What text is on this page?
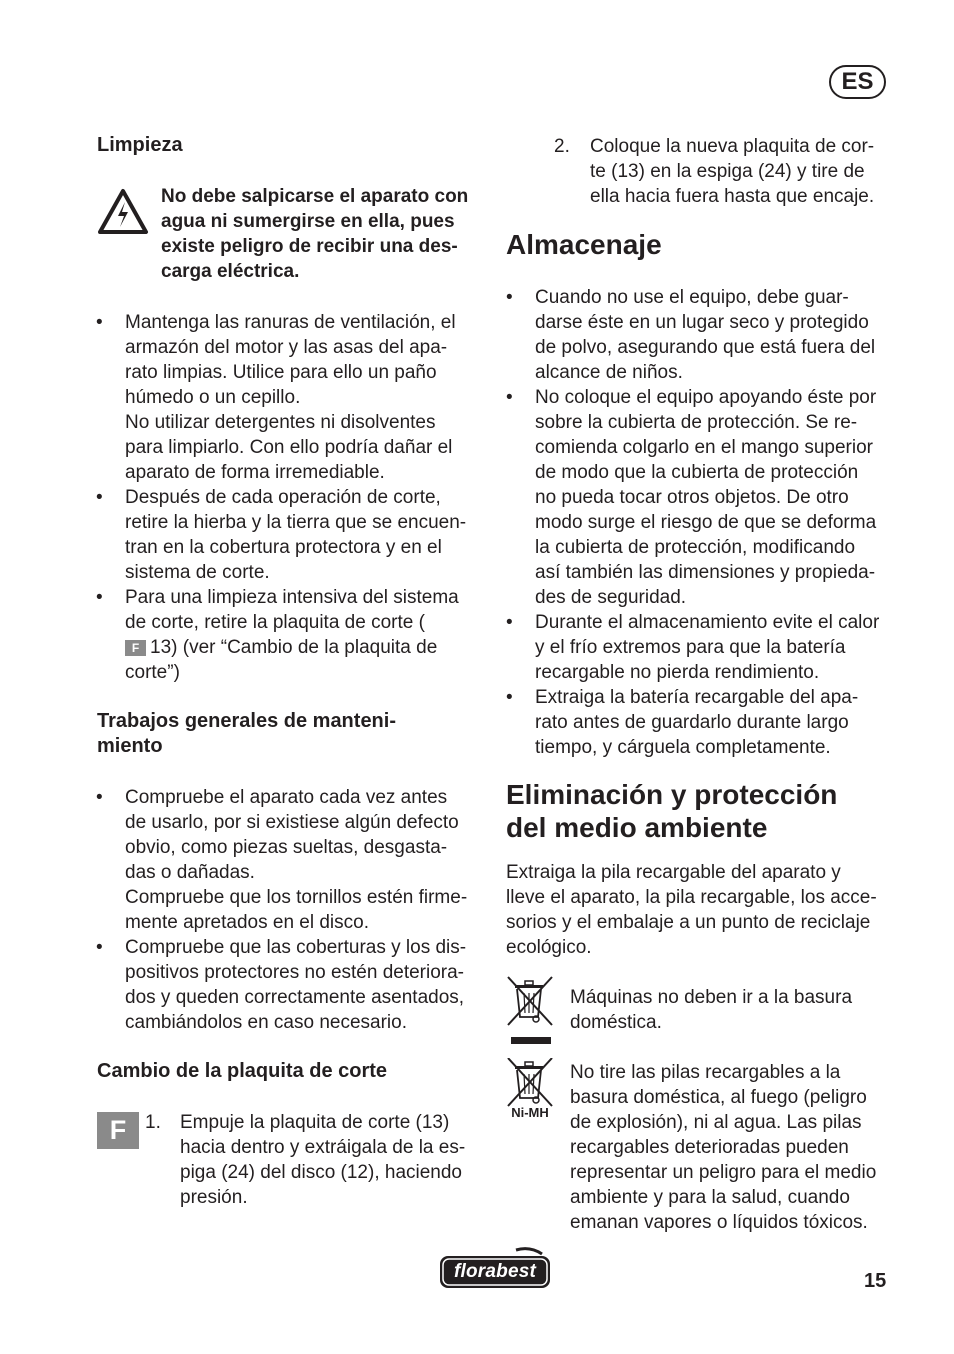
ES
Limpieza
No debe salpicarse el aparato con
agua ni sumergirse en ella, pues
existe peligro de recibir una des-
carga eléctrica.
• Mantenga las ranuras de ventilación, el
armazón del motor y las asas del apa-
rato limpias. Utilice para ello un paño
húmedo o un cepillo.
No utilizar detergentes ni disolventes
para limpiarlo. Con ello podría dañar el
aparato de forma irremediable.
• Después de cada operación de corte,
retire la hierba y la tierra que se encuen-
tran en la cobertura protectora y en el
sistema de corte.
• Para una limpieza intensiva del sistema
de corte, retire la plaquita de corte (
F 13) (ver “Cambio de la plaquita de
corte”)
Trabajos generales de manteni-
miento
• Compruebe el aparato cada vez antes
de usarlo, por si existiese algún defecto
obvio, como piezas sueltas, desgasta-
das o dañadas.
Compruebe que los tornillos estén firme-
mente apretados en el disco.
• Compruebe que las coberturas y los dis-
positivos protectores no estén deteriora-
dos y queden correctamente asentados,
cambiándolos en caso necesario.
Cambio de la plaquita de corte
F 1. Empuje la plaquita de corte (13)
hacia dentro y extráigala de la es-
piga (24) del disco (12), haciendo
presión.
2. Coloque la nueva plaquita de cor-
te (13) en la espiga (24) y tire de
ella hacia fuera hasta que encaje.
Almacenaje
• Cuando no use el equipo, debe guar-
darse éste en un lugar seco y protegido
de polvo, asegurando que está fuera del
alcance de niños.
• No coloque el equipo apoyando éste por
sobre la cubierta de protección. Se re-
comienda colgarlo en el mango superior
de modo que la cubierta de protección
no pueda tocar otros objetos. De otro
modo surge el riesgo de que se deforma
la cubierta de protección, modificando
así también las dimensiones y propieda-
des de seguridad.
• Durante el almacenamiento evite el calor
y el frío extremos para que la batería
recargable no pierda rendimiento.
• Extraiga la batería recargable del apa-
rato antes de guardarlo durante largo
tiempo, y cárguela completamente.
Eliminación y protección
del medio ambiente
Extraiga la pila recargable del aparato y
lleve el aparato, la pila recargable, los acce-
sorios y el embalaje a un punto de reciclaje
ecológico.
Máquinas no deben ir a la basura
doméstica.
Ni-MH
No tire las pilas recargables a la
basura doméstica, al fuego (peligro
de explosión), ni al agua. Las pilas
recargables deterioradas pueden
representar un peligro para el medio
ambiente y para la salud, cuando
emanan vapores o líquidos tóxicos.
florabest	15
